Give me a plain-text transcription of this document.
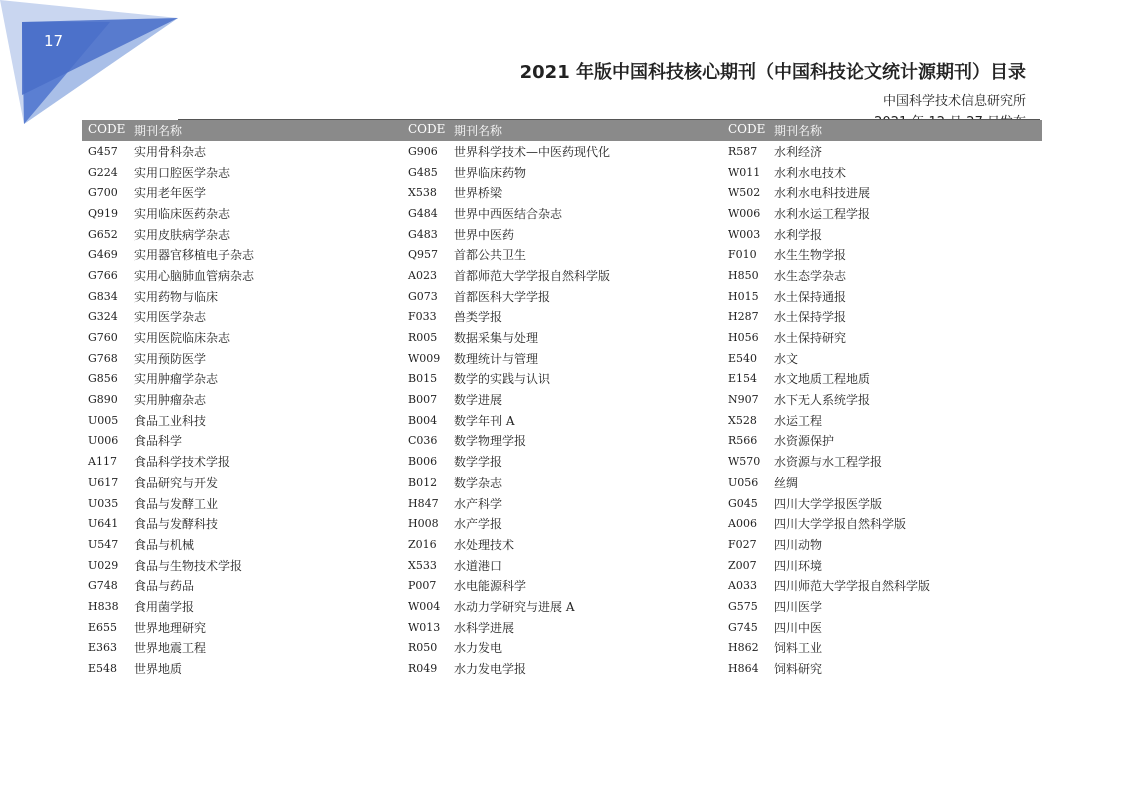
17
2021 年版中国科技核心期刊（中国科技论文统计源期刊）目录
中国科学技术信息研究所
CODE 期刊名称	CODE 期刊名称	CODE 期刊名称
G457	实用骨科杂志	G906	世界科学技术—中医药现代化	R587	水利经济
G224	实用口腔医学杂志	G485	世界临床药物	W011	水利水电技术
G700	实用老年医学	X538	世界桥梁	W502	水利水电科技进展
Q919	实用临床医药杂志	G484	世界中西医结合杂志	W006	水利水运工程学报
G652	实用皮肤病学杂志	G483	世界中医药	W003	水利学报
G469	实用器官移植电子杂志	Q957	首都公共卫生	F010	水生生物学报
G766	实用心脑肺血管病杂志	A023	首都师范大学学报自然科学版	H850	水生态学杂志
G834	实用药物与临床	G073	首都医科大学学报	H015	水土保持通报
G324	实用医学杂志	F033	兽类学报	H287	水土保持学报
G760	实用医院临床杂志	R005	数据采集与处理	H056	水土保持研究
G768	实用预防医学	W009	数理统计与管理	E540	水文
G856	实用肿瘤学杂志	B015	数学的实践与认识	E154	水文地质工程地质
G890	实用肿瘤杂志	B007	数学进展	N907	水下无人系统学报
U005	食品工业科技	B004	数学年刊 A	X528	水运工程
U006	食品科学	C036	数学物理学报	R566	水资源保护
A117	食品科学技术学报	B006	数学学报	W570	水资源与水工程学报
U617	食品研究与开发	B012	数学杂志	U056	丝绸
U035	食品与发酵工业	H847	水产科学	G045	四川大学学报医学版
U641	食品与发酵科技	H008	水产学报	A006	四川大学学报自然科学版
U547	食品与机械	Z016	水处理技术	F027	四川动物
U029	食品与生物技术学报	X533	水道港口	Z007	四川环境
G748	食品与药品	P007	水电能源科学	A033	四川师范大学学报自然科学版
H838	食用菌学报	W004	水动力学研究与进展 A	G575	四川医学
E655	世界地理研究	W013	水科学进展	G745	四川中医
E363	世界地震工程	R050	水力发电	H862	饲料工业
E548	世界地质	R049	水力发电学报	H864	饲料研究
